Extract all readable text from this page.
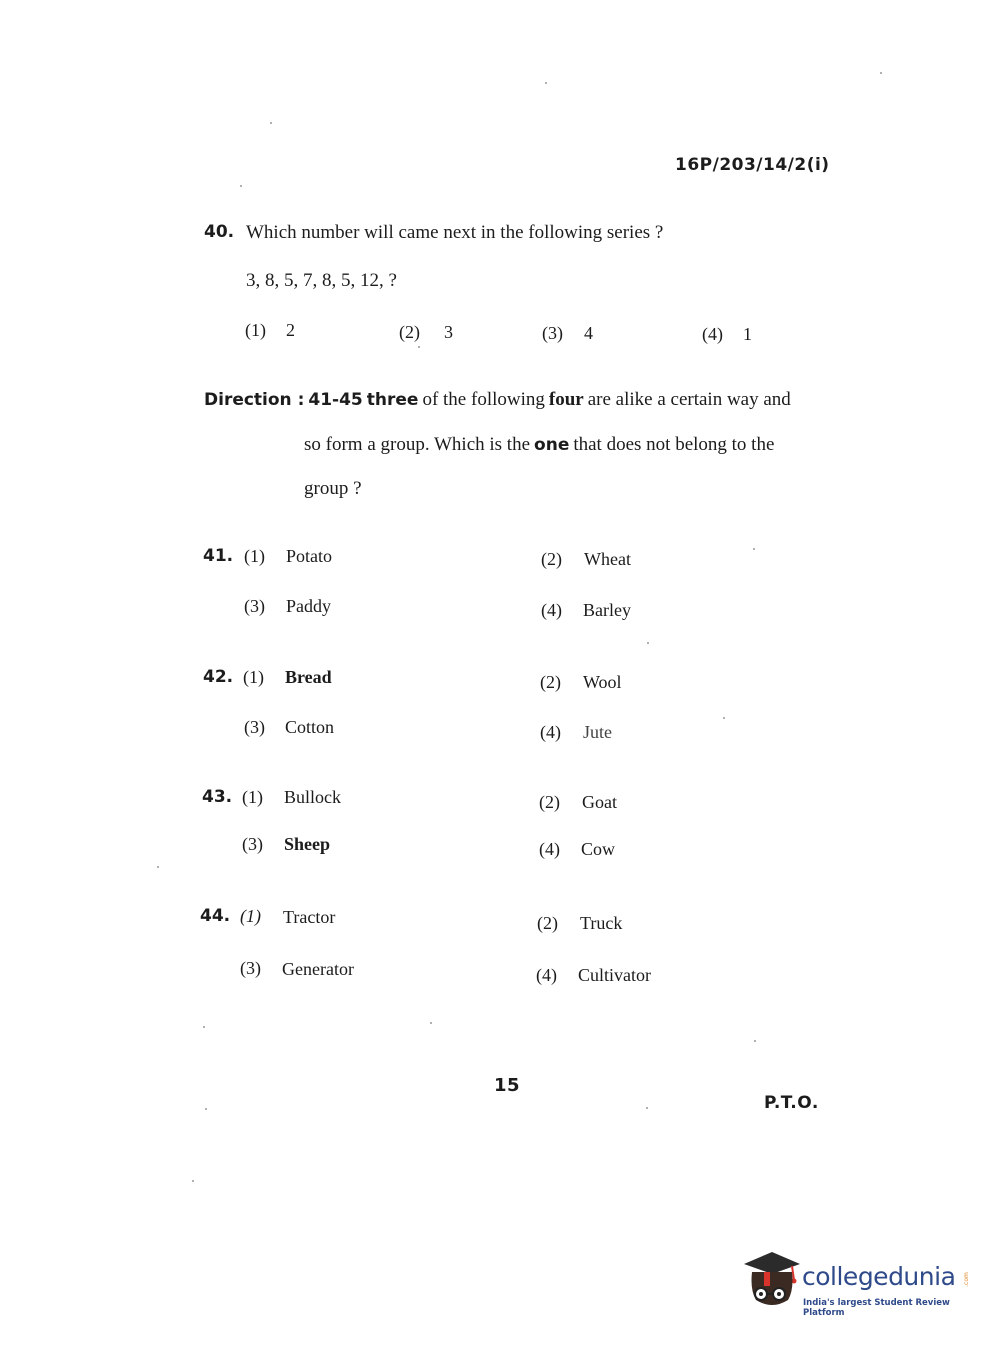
16P/203/14/2(i)
40. Which number will came next in the following series ?
3, 8, 5, 7, 8, 5, 12, ?
(1) 2	(2) 3	(3) 4	(4) 1
Direction : 41-45 three of the following four are alike a certain way and
so form a group. Which is the one that does not belong to the
group ?
41. (1) Potato	(2) Wheat
(3) Paddy	(4) Barley
42. (1) Bread	(2) Wool
(3) Cotton	(4) Jute
43. (1) Bullock	(2) Goat
(3) Sheep	(4) Cow
44. (1) Tractor	(2) Truck
(3) Generator	(4) Cultivator
15
P.T.O.
collegedunia .com
India's largest Student Review Platform
